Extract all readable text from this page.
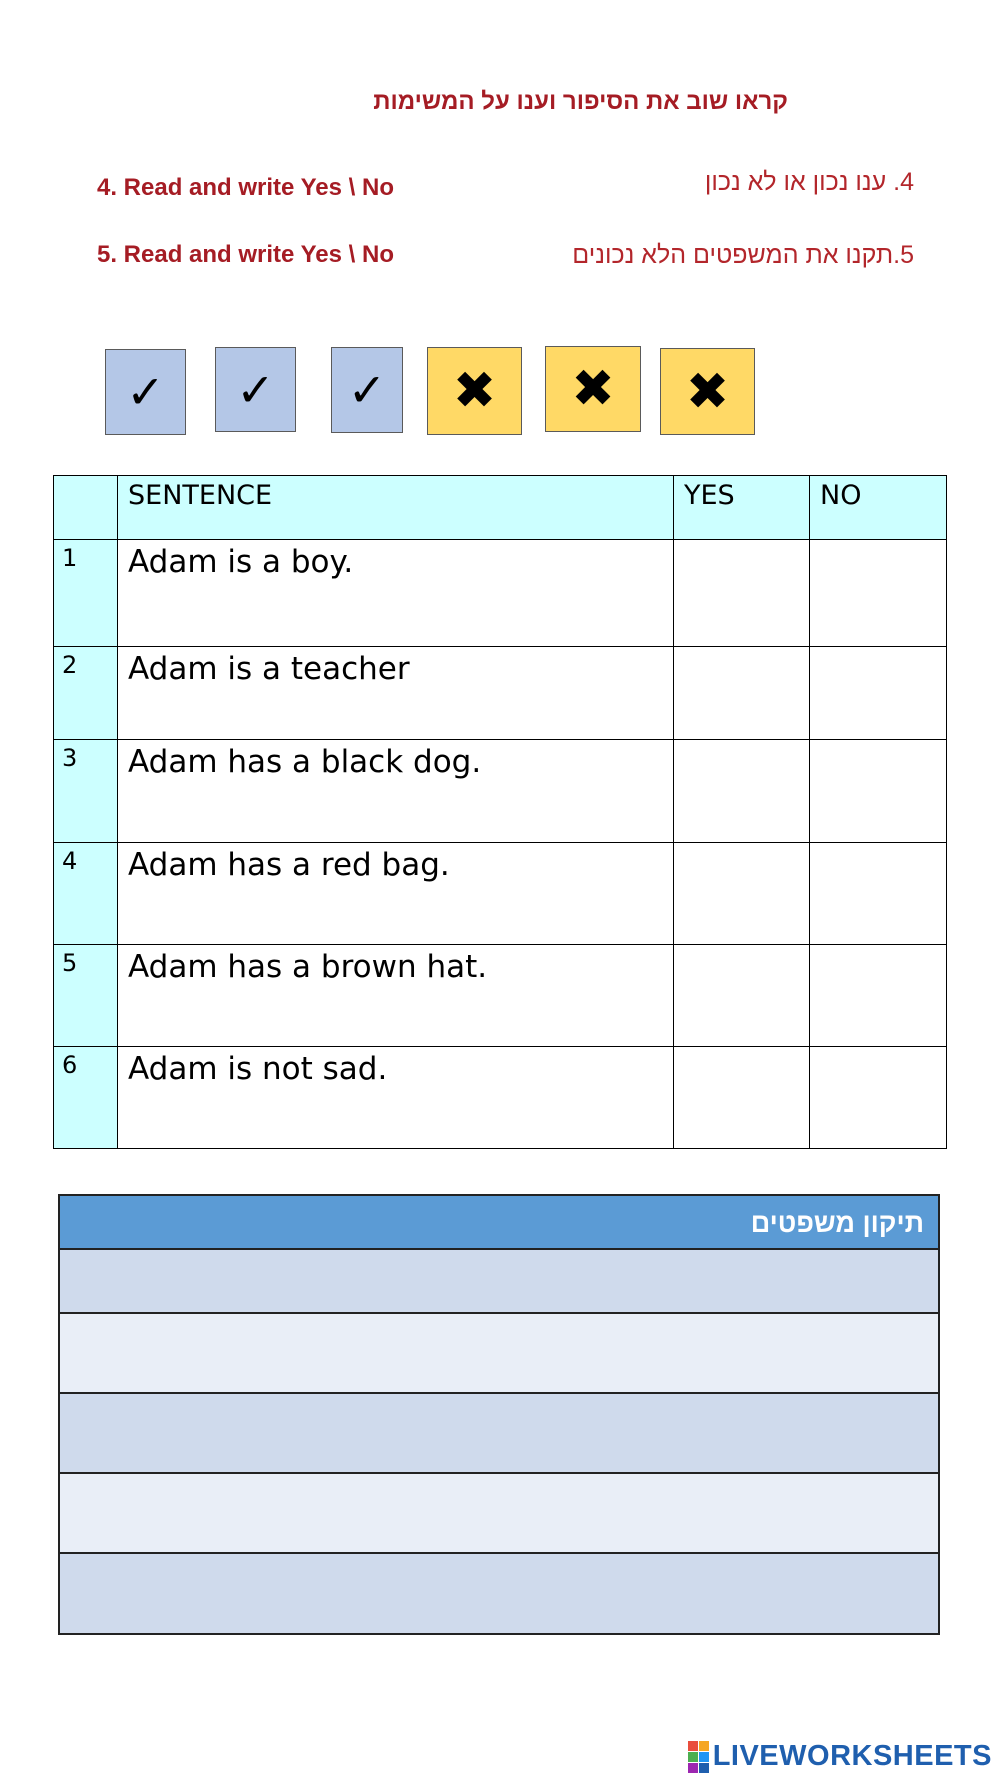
קראו שוב את הסיפור וענו על המשימות
4. Read and write Yes \ No	4. ענו נכון או לא נכון
5. Read and write Yes \ No	5.תקנו את המשפטים הלא נכונים
✓ ✓ ✓ ✖ ✖ ✖
	SENTENCE	YES	NO
1	Adam is a boy.		
2	Adam is a teacher		
3	Adam has a black dog.		
4	Adam has a red bag.		
5	Adam has a brown hat.		
6	Adam is not sad.		
תיקון משפטים
LIVEWORKSHEETS
